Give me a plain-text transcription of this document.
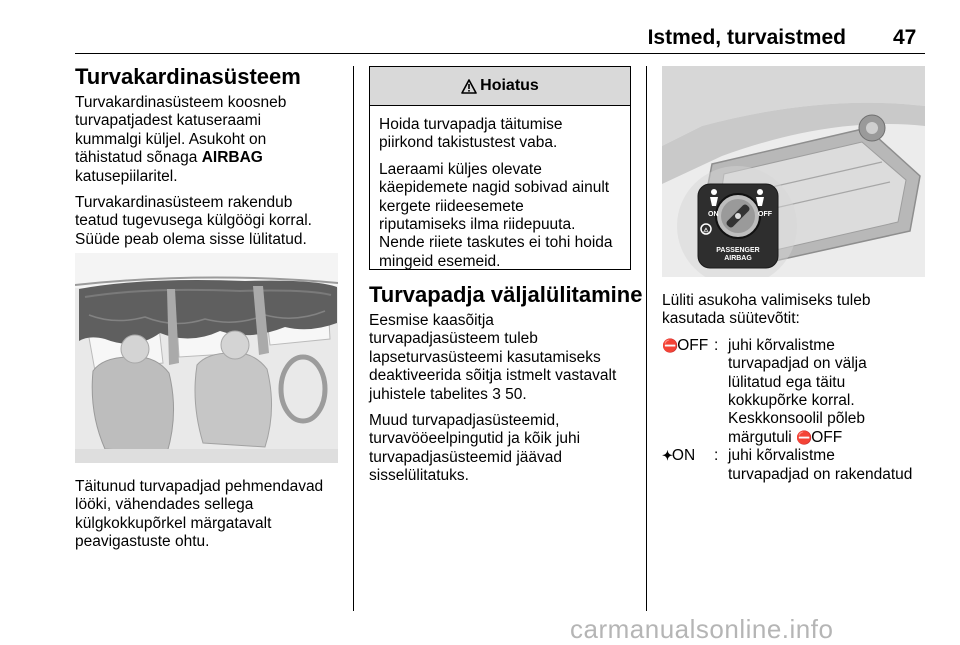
Istmed, turvaistmed 47
Turvakardinasüsteem
Turvakardinasüsteem koosneb
turvapatjadest katuseraami
kummalgi küljel. Asukoht on
tähistatud sõnaga AIRBAG
katusepiilaritel.
Turvakardinasüsteem rakendub
teatud tugevusega külgöögi korral.
Süüde peab olema sisse lülitatud.
Täitunud turvapadjad pehmendavad
lööki, vähendades sellega
külgkokkupõrkel märgatavalt
peavigastuste ohtu.
Hoiatus
Hoida turvapadja täitumise
piirkond takistustest vaba.
Laeraami küljes olevate
käepidemete nagid sobivad ainult
kergete riideesemete
riputamiseks ilma riidepuuta.
Nende riiete taskutes ei tohi hoida
mingeid esemeid.
Turvapadja väljalülitamine
Eesmise kaasõitja
turvapadjasüsteem tuleb
lapseturvasüsteemi kasutamiseks
deaktiveerida sõitja istmelt vastavalt
juhistele tabelites 3 50.
Muud turvapadjasüsteemid,
turvavööeelpingutid ja kõik juhi
turvapadjasüsteemid jäävad
sisselülitatuks.
⚠
ON	OFF
PASSENGER
AIRBAG
Lüliti asukoha valimiseks tuleb
kasutada süütevõtit:
⛔OFF : juhi kõrvalistme
turvapadjad on välja
lülitatud ega täitu
kokkupõrke korral.
Keskkonsoolil põleb
märgutuli ⛔OFF
✦ON	: juhi kõrvalistme
turvapadjad on rakendatud
carmanualsonline.info
